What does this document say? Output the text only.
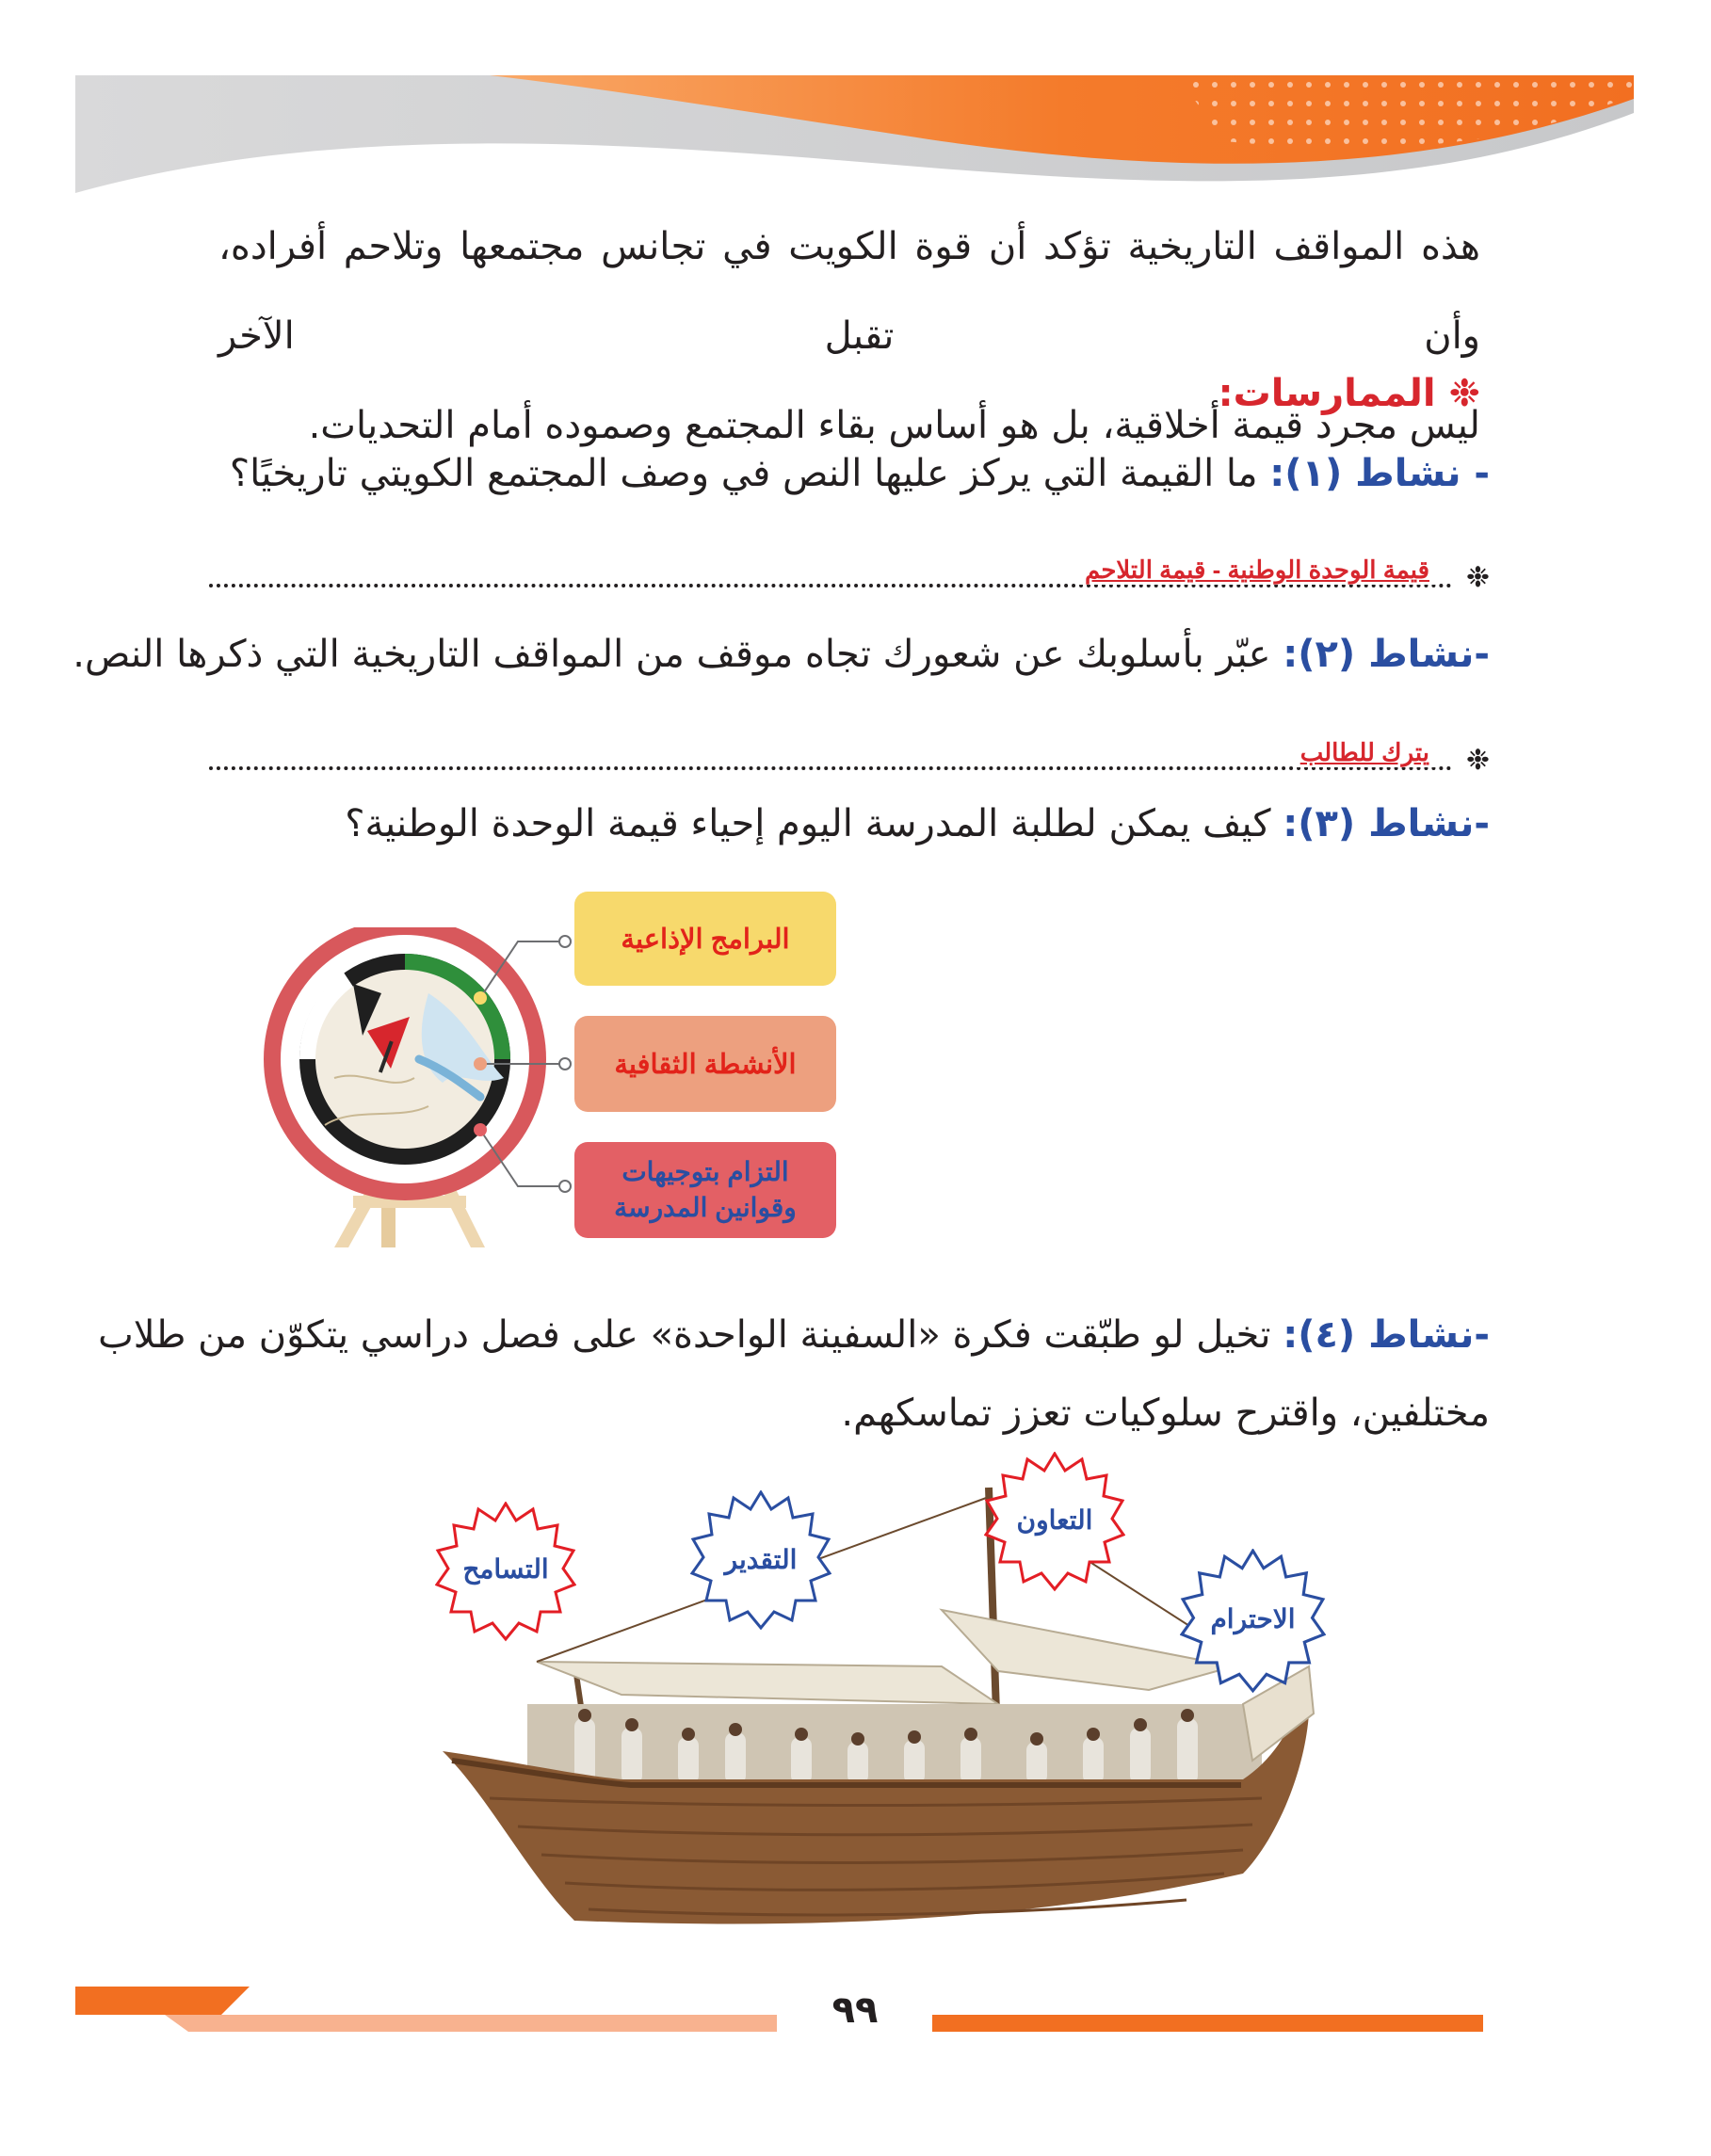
هذه المواقف التاريخية تؤكد أن قوة الكويت في تجانس مجتمعها وتلاحم أفراده، وأن تقبل الآخر
ليس مجرد قيمة أخلاقية، بل هو أساس بقاء المجتمع وصموده أمام التحديات.
❉ الممارسات:
- نشاط (١): ما القيمة التي يركز عليها النص في وصف المجتمع الكويتي تاريخيًا؟
❉
قيمة الوحدة الوطنية - قيمة التلاحم
-نشاط (٢): عبّر بأسلوبك عن شعورك تجاه موقف من المواقف التاريخية التي ذكرها النص.
❉
يترك للطالب
-نشاط (٣): كيف يمكن لطلبة المدرسة اليوم إحياء قيمة الوحدة الوطنية؟
البرامج الإذاعية
الأنشطة الثقافية
التزام بتوجيهات
وقوانين المدرسة
-نشاط (٤): تخيل لو طبّقت فكرة «السفينة الواحدة» على فصل دراسي يتكوّن من طلاب
مختلفين، واقترح سلوكيات تعزز تماسكهم.
التسامح	التقدير
التعاون
الاحترام
٩٩
